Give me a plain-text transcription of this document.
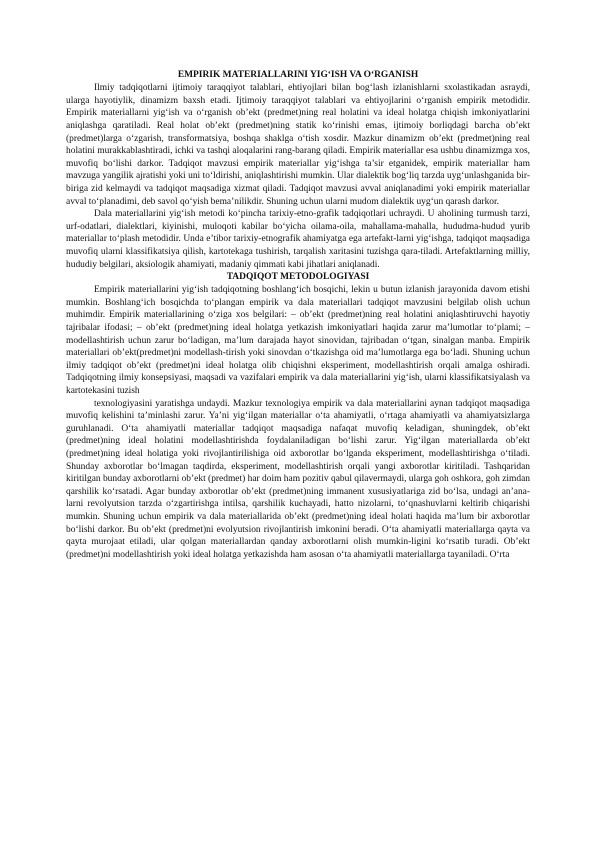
EMPIRIK MATERIALLARINI YIG‘ISH VA O‘RGANISH

Ilmiy tadqiqotlarni ijtimoiy taraqqiyot talablari, ehtiyojlari bilan bog‘lash izlanishlarni sxolastikadan asraydi, ularga hayotiylik, dinamizm baxsh etadi. Ijtimoiy taraqqiyot talablari va ehtiyojlarini o‘rganish empirik metodidir. Empirik materiallarni yig‘ish va o‘rganish ob’ekt (predmet)ning real holatini va ideal holatga chiqish imkoniyatlarini aniqlashga qaratiladi. Real holat ob’ekt (predmet)ning statik ko‘rinishi emas, ijtimoiy borliqdagi barcha ob’ekt (predmet)larga o‘zgarish, transformatsiya, boshqa shaklga o‘tish xosdir. Mazkur dinamizm ob’ekt (predmet)ning real holatini murakkablashtiradi, ichki va tashqi aloqalarini rang-barang qiladi. Empirik materiallar esa ushbu dinamizmga xos, muvofiq bo‘lishi darkor. Tadqiqot mavzusi empirik materiallar yig‘ishga ta’sir etganidek, empirik materiallar ham mavzuga yangilik ajratishi yoki uni to‘ldirishi, aniqlashtirishi mumkin. Ular dialektik bog‘liq tarzda uyg‘unlashganida bir-biriga zid kelmaydi va tadqiqot maqsadiga xizmat qiladi. Tadqiqot mavzusi avval aniqlanadimi yoki empirik materiallar avval to‘planadimi, deb savol qo‘yish bema’nilikdir. Shuning uchun ularni mudom dialektik uyg‘un qarash darkor.

Dala materiallarini yig‘ish metodi ko‘pincha tarixiy-etno-grafik tadqiqotlari uchraydi. U aholining turmush tarzi, urf-odatlari, dialektlari, kiyinishi, muloqoti kabilar bo‘yicha oilama-oila, mahallama-mahalla, hududma-hudud yurib materiallar to‘plash metodidir. Unda e’tibor tarixiy-etnografik ahamiyatga ega artefakt-larni yig‘ishga, tadqiqot maqsadiga muvofiq ularni klassifikatsiya qilish, kartotekaga tushirish, tarqalish xaritasini tuzishga qara-tiladi. Artefaktlarning milliy, hududiy belgilari, aksiologik ahamiyati, madaniy qimmati kabi jihatlari aniqlanadi.

TADQIQOT METODOLOGIYASI

Empirik materiallarini yig‘ish tadqiqotning boshlang‘ich bosqichi, lekin u butun izlanish jarayonida davom etishi mumkin. Boshlang‘ich bosqichda to‘plangan empirik va dala materiallari tadqiqot mavzusini belgilab olish uchun muhimdir. Empirik materiallarining o‘ziga xos belgilari: – ob’ekt (predmet)ning real holatini aniqlashtiruvchi hayotiy tajribalar ifodasi; – ob’ekt (predmet)ning ideal holatga yetkazish imkoniyatlari haqida zarur ma’lumotlar to‘plami; – modellashtirish uchun zarur bo‘ladigan, ma’lum darajada hayot sinovidan, tajribadan o‘tgan, sinalgan manba. Empirik materiallari ob’ekt(predmet)ni modellash-tirish yoki sinovdan o‘tkazishga oid ma’lumotlarga ega bo‘ladi. Shuning uchun ilmiy tadqiqot ob’ekt (predmet)ni ideal holatga olib chiqishni eksperiment, modellashtirish orqali amalga oshiradi. Tadqiqotning ilmiy konsepsiyasi, maqsadi va vazifalari empirik va dala materiallarini yig‘ish, ularni klassifikatsiyalash va kartotekasini tuzish

texnologiyasini yaratishga undaydi. Mazkur texnologiya empirik va dala materiallarini aynan tadqiqot maqsadiga muvofiq kelishini ta’minlashi zarur. Ya’ni yig‘ilgan materiallar o‘ta ahamiyatli, o‘rtaga ahamiyatli va ahamiyatsizlarga guruhlanadi. O‘ta ahamiyatli materiallar tadqiqot maqsadiga nafaqat muvofiq keladigan, shuningdek, ob’ekt (predmet)ning ideal holatini modellashtirishda foydalaniladigan bo‘lishi zarur. Yig‘ilgan materiallarda ob’ekt (predmet)ning ideal holatiga yoki rivojlantirilishiga oid axborotlar bo‘lganda eksperiment, modellashtirishga o‘tiladi. Shunday axborotlar bo‘lmagan taqdirda, eksperiment, modellashtirish orqali yangi axborotlar kiritiladi. Tashqaridan kiritilgan bunday axborotlarni ob’ekt (predmet) har doim ham pozitiv qabul qilavermaydi, ularga goh oshkora, goh zimdan qarshilik ko‘rsatadi. Agar bunday axborotlar ob’ekt (predmet)ning immanent xususiyatlariga zid bo‘lsa, undagi an’ana-larni revolyutsion tarzda o‘zgartirishga intilsa, qarshilik kuchayadi, hatto nizolarni, to‘qnashuvlarni keltirib chiqarishi mumkin. Shuning uchun empirik va dala materiallarida ob’ekt (predmet)ning ideal holati haqida ma’lum bir axborotlar bo‘lishi darkor. Bu ob’ekt (predmet)ni evolyutsion rivojlantirish imkonini beradi. O‘ta ahamiyatli materiallarga qayta va qayta murojaat etiladi, ular qolgan materiallardan qanday axborotlarni olish mumkin-ligini ko‘rsatib turadi. Ob’ekt (predmet)ni modellashtirish yoki ideal holatga yetkazishda ham asosan o‘ta ahamiyatli materiallarga tayaniladi. O‘rta
